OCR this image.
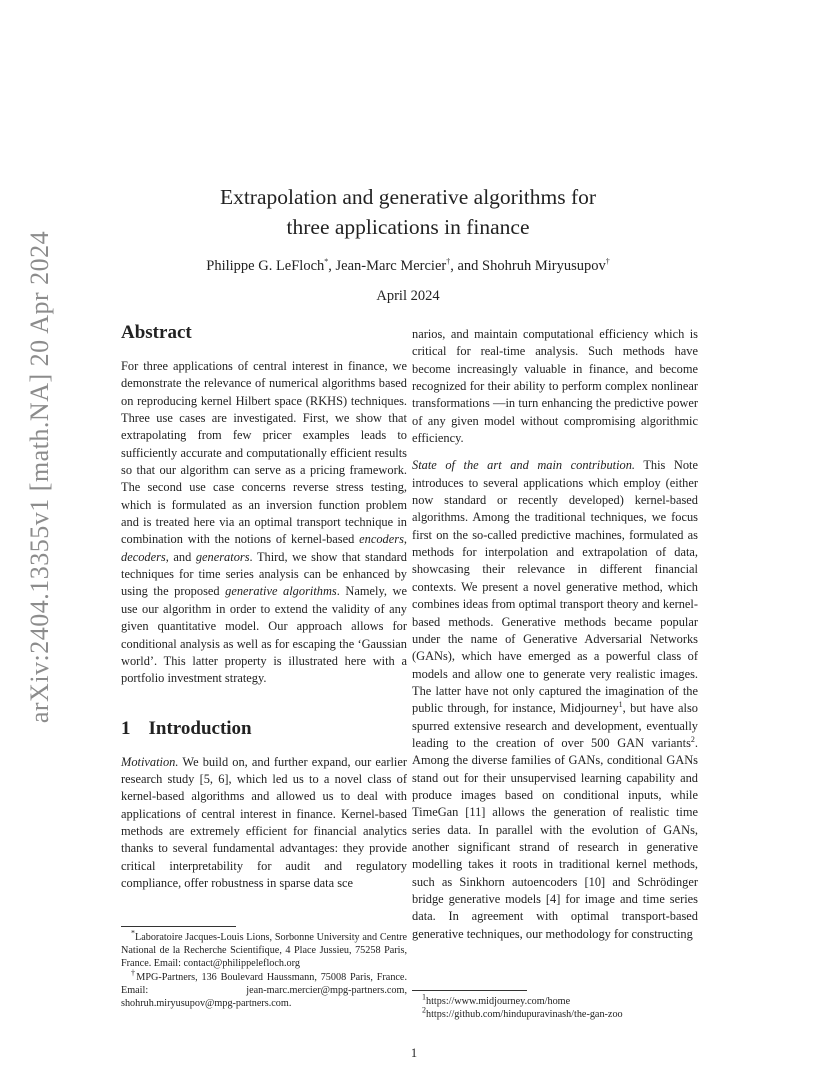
arXiv:2404.13355v1 [math.NA] 20 Apr 2024
Extrapolation and generative algorithms for
three applications in finance
Philippe G. LeFloch*, Jean-Marc Mercier†, and Shohruh Miryusupov†
April 2024
Abstract

For three applications of central interest in finance, we demonstrate the relevance of numerical algorithms based on reproducing kernel Hilbert space (RKHS) techniques. Three use cases are investigated. First, we show that extrapolating from few pricer examples leads to sufficiently accurate and computationally efficient results so that our algorithm can serve as a pricing framework. The second use case concerns reverse stress testing, which is formulated as an inversion function problem and is treated here via an optimal transport technique in combination with the notions of kernel-based encoders, decoders, and generators. Third, we show that standard techniques for time series analysis can be enhanced by using the proposed generative algorithms. Namely, we use our algorithm in order to extend the validity of any given quantitative model. Our approach allows for conditional analysis as well as for escaping the ‘Gaussian world’. This latter property is illustrated here with a portfolio investment strategy.

1 Introduction

Motivation. We build on, and further expand, our earlier research study [5, 6], which led us to a novel class of kernel-based algorithms and allowed us to deal with applications of central interest in finance. Kernel-based methods are extremely efficient for financial analytics thanks to several fundamental advantages: they provide critical interpretability for audit and regulatory compliance, offer robustness in sparse data sce

narios, and maintain computational efficiency which is critical for real-time analysis. Such methods have become increasingly valuable in finance, and become recognized for their ability to perform complex nonlinear transformations —in turn enhancing the predictive power of any given model without compromising algorithmic efficiency.

State of the art and main contribution. This Note introduces to several applications which employ (either now standard or recently developed) kernel-based algorithms. Among the traditional techniques, we focus first on the so-called predictive machines, formulated as methods for interpolation and extrapolation of data, showcasing their relevance in different financial contexts. We present a novel generative method, which combines ideas from optimal transport theory and kernel-based methods. Generative methods became popular under the name of Generative Adversarial Networks (GANs), which have emerged as a powerful class of models and allow one to generate very realistic images. The latter have not only captured the imagination of the public through, for instance, Midjourney$^1$, but have also spurred extensive research and development, eventually leading to the creation of over 500 GAN variants$^2$. Among the diverse families of GANs, conditional GANs stand out for their unsupervised learning capability and produce images based on conditional inputs, while TimeGan [11] allows the generation of realistic time series data. In parallel with the evolution of GANs, another significant strand of research in generative modelling takes it roots in traditional kernel methods, such as Sinkhorn autoencoders [10] and Schrödinger bridge generative models [4] for image and time series data. In agreement with optimal transport-based generative techniques, our methodology for constructing

*Laboratoire Jacques-Louis Lions, Sorbonne University and Centre National de la Recherche Scientifique, 4 Place Jussieu, 75258 Paris, France. Email: contact@philippelefloch.org

†MPG-Partners, 136 Boulevard Haussmann, 75008 Paris, France. Email: jean-marc.mercier@mpg-partners.com, shohruh.miryusupov@mpg-partners.com.

$^1$https://www.midjourney.com/home

$^2$https://github.com/hindupuravinash/the-gan-zoo

1
